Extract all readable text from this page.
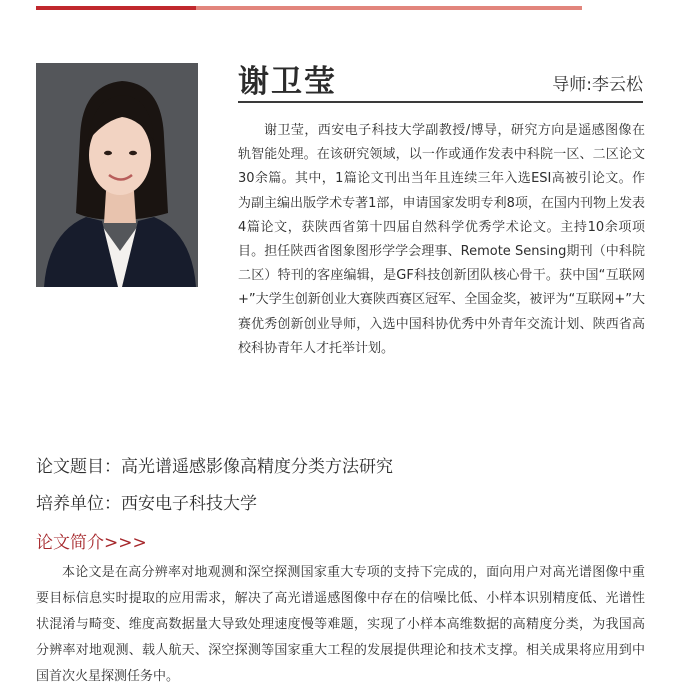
谢卫莹	导师:李云松
谢卫莹，西安电子科技大学副教授/博导，研究方向是遥感图像在轨智能处理。在该研究领域，以一作或通作发表中科院一区、二区论文30余篇。其中，1篇论文刊出当年且连续三年入选ESI高被引论文。作为副主编出版学术专著1部，申请国家发明专利8项，在国内刊物上发表4篇论文，获陕西省第十四届自然科学优秀学术论文。主持10余项项目。担任陕西省图象图形学学会理事、Remote Sensing期刊（中科院二区）特刊的客座编辑，是GF科技创新团队核心骨干。获中国“互联网+”大学生创新创业大赛陕西赛区冠军、全国金奖，被评为“互联网+”大赛优秀创新创业导师，入选中国科协优秀中外青年交流计划、陕西省高校科协青年人才托举计划。
论文题目：高光谱遥感影像高精度分类方法研究
培养单位：西安电子科技大学
论文简介>>>
本论文是在高分辨率对地观测和深空探测国家重大专项的支持下完成的，面向用户对高光谱图像中重要目标信息实时提取的应用需求，解决了高光谱遥感图像中存在的信噪比低、小样本识别精度低、光谱性状混淆与畸变、维度高数据量大导致处理速度慢等难题，实现了小样本高维数据的高精度分类，为我国高分辨率对地观测、载人航天、深空探测等国家重大工程的发展提供理论和技术支撑。相关成果将应用到中国首次火星探测任务中。
